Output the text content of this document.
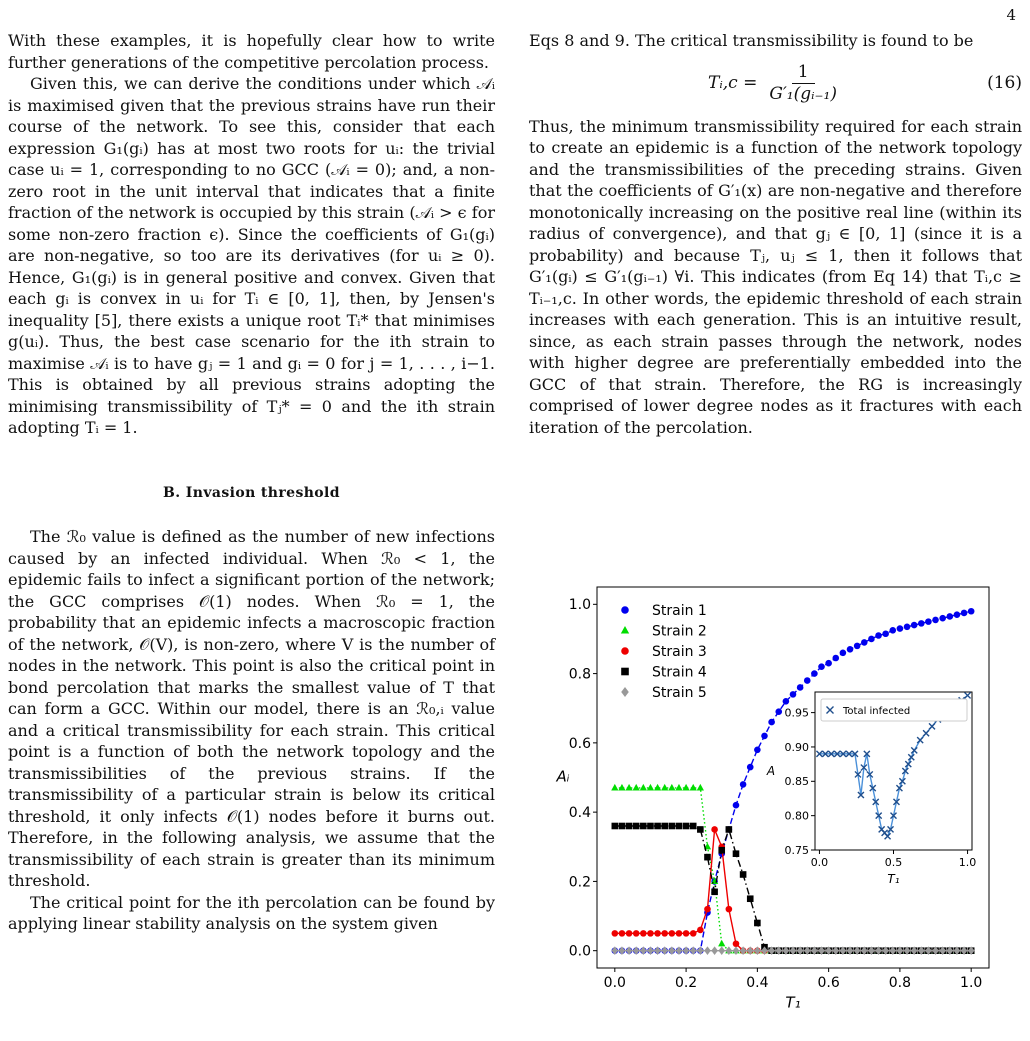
4

With these examples, it is hopefully clear how to write further generations of the competitive percolation process.

Given this, we can derive the conditions under which 𝒜ᵢ is maximised given that the previous strains have run their course of the network. To see this, consider that each expression G₁(gᵢ) has at most two roots for uᵢ: the trivial case uᵢ = 1, corresponding to no GCC (𝒜ᵢ = 0); and, a non-zero root in the unit interval that indicates that a finite fraction of the network is occupied by this strain (𝒜ᵢ > ϵ for some non-zero fraction ϵ). Since the coefficients of G₁(gᵢ) are non-negative, so too are its derivatives (for uᵢ ≥ 0). Hence, G₁(gᵢ) is in general positive and convex. Given that each gᵢ is convex in uᵢ for Tᵢ ∈ [0, 1], then, by Jensen's inequality [5], there exists a unique root Tᵢ* that minimises g(uᵢ). Thus, the best case scenario for the ith strain to maximise 𝒜ᵢ is to have gⱼ = 1 and gᵢ = 0 for j = 1, . . . , i−1. This is obtained by all previous strains adopting the minimising transmissibility of Tⱼ* = 0 and the ith strain adopting Tᵢ = 1.

B. Invasion threshold

The ℛ₀ value is defined as the number of new infections caused by an infected individual. When ℛ₀ < 1, the epidemic fails to infect a significant portion of the network; the GCC comprises 𝒪(1) nodes. When ℛ₀ = 1, the probability that an epidemic infects a macroscopic fraction of the network, 𝒪(V), is non-zero, where V is the number of nodes in the network. This point is also the critical point in bond percolation that marks the smallest value of T that can form a GCC. Within our model, there is an ℛ₀,ᵢ value and a critical transmissibility for each strain. This critical point is a function of both the network topology and the transmissibilities of the previous strains. If the transmissibility of a particular strain is below its critical threshold, it only infects 𝒪(1) nodes before it burns out. Therefore, in the following analysis, we assume that the transmissibility of each strain is greater than its minimum threshold.

The critical point for the ith percolation can be found by applying linear stability analysis on the system given

Eqs 8 and 9. The critical transmissibility is found to be

Tᵢ,c = $\frac{1}{\text{G′₁(gᵢ₋₁)}}$	(16)

Thus, the minimum transmissibility required for each strain to create an epidemic is a function of the network topology and the transmissibilities of the preceding strains. Given that the coefficients of G′₁(x) are non-negative and therefore monotonically increasing on the positive real line (within its radius of convergence), and that gⱼ ∈ [0, 1] (since it is a probability) and because Tⱼ, uⱼ ≤ 1, then it follows that G′₁(gᵢ) ≤ G′₁(gᵢ₋₁) ∀i. This indicates (from Eq 14) that Tᵢ,c ≥ Tᵢ₋₁,c. In other words, the epidemic threshold of each strain increases with each generation. This is an intuitive result, since, as each strain passes through the network, nodes with higher degree are preferentially embedded into the GCC of that strain. Therefore, the RG is increasingly comprised of lower degree nodes as it fractures with each iteration of the percolation.

0.0	0.2	0.4	0.6	0.8	1.0
0.0
0.2
0.4
0.6
0.8
1.0
T₁
Aᵢ
Strain 1
Strain 2
Strain 3
Strain 4
Strain 5
0.0	0.5	1.0
0.75
0.80
0.85
0.90
0.95
T₁
A
Total infected
